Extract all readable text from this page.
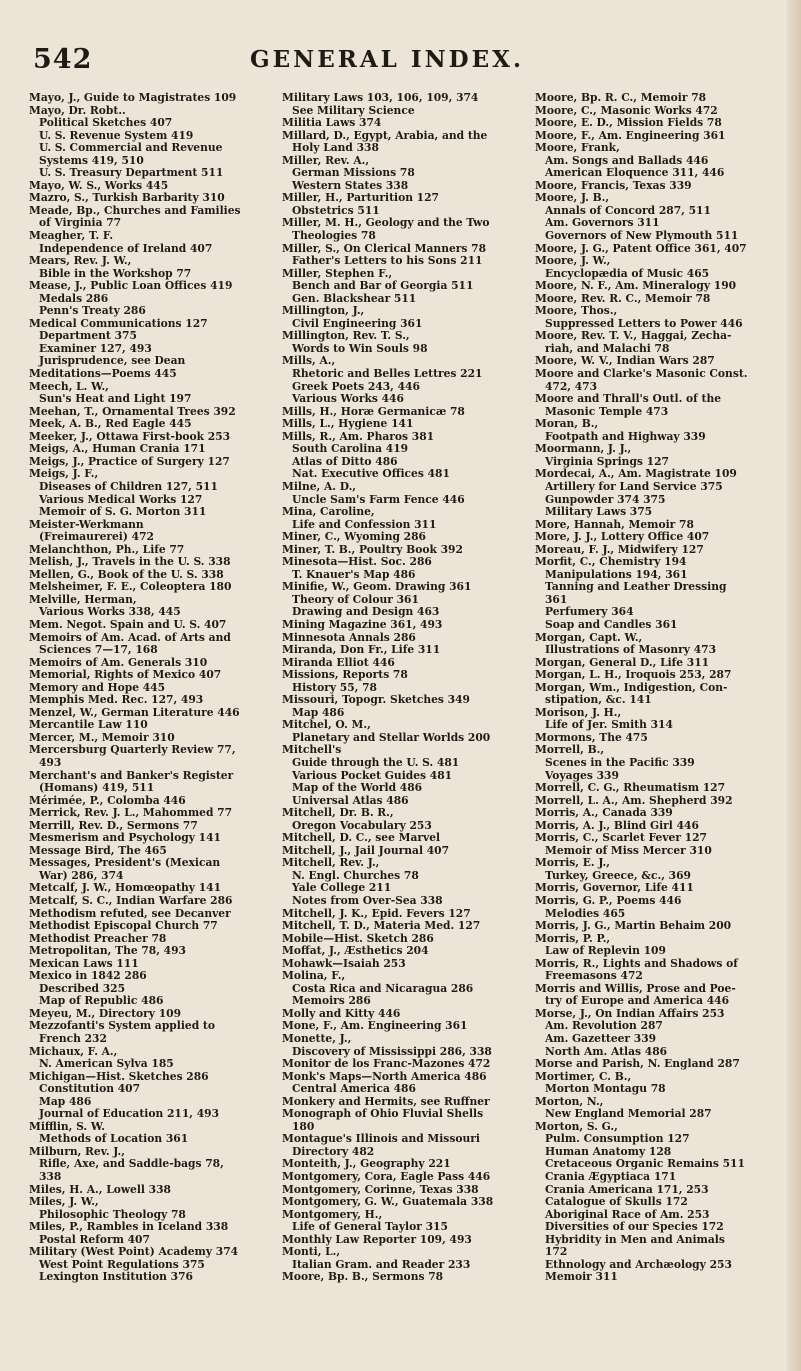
542	GENERAL INDEX.
Mayo, J., Guide to Magistrates 109
Mayo, Dr. Robt..
Political Sketches 407
U. S. Revenue System 419
U. S. Commercial and Revenue
Systems 419, 510
U. S. Treasury Department 511
Mayo, W. S., Works 445
Mazro, S., Turkish Barbarity 310
Meade, Bp., Churches and Families
of Virginia 77
Meagher, T. F.
Independence of Ireland 407
Mears, Rev. J. W.,
Bible in the Workshop 77
Mease, J., Public Loan Offices 419
Medals 286
Penn's Treaty 286
Medical Communications 127
Department 375
Examiner 127, 493
Jurisprudence, see Dean
Meditations—Poems 445
Meech, L. W.,
Sun's Heat and Light 197
Meehan, T., Ornamental Trees 392
Meek, A. B., Red Eagle 445
Meeker, J., Ottawa First-book 253
Meigs, A., Human Crania 171
Meigs, J., Practice of Surgery 127
Meigs, J. F.,
Diseases of Children 127, 511
Various Medical Works 127
Memoir of S. G. Morton 311
Meister-Werkmann
(Freimaurerei) 472
Melanchthon, Ph., Life 77
Melish, J., Travels in the U. S. 338
Mellen, G., Book of the U. S. 338
Melsheimer, F. E., Coleoptera 180
Melville, Herman,
Various Works 338, 445
Mem. Negot. Spain and U. S. 407
Memoirs of Am. Acad. of Arts and
Sciences 7—17, 168
Memoirs of Am. Generals 310
Memorial, Rights of Mexico 407
Memory and Hope 445
Memphis Med. Rec. 127, 493
Menzel, W., German Literature 446
Mercantile Law 110
Mercer, M., Memoir 310
Mercersburg Quarterly Review 77,
493
Merchant's and Banker's Register
(Homans) 419, 511
Mérimée, P., Colomba 446
Merrick, Rev. J. L., Mahommed 77
Merrill, Rev. D., Sermons 77
Mesmerism and Psychology 141
Message Bird, The 465
Messages, President's (Mexican
War) 286, 374
Metcalf, J. W., Homœopathy 141
Metcalf, S. C., Indian Warfare 286
Methodism refuted, see Decanver
Methodist Episcopal Church 77
Methodist Preacher 78
Metropolitan, The 78, 493
Mexican Laws 111
Mexico in 1842 286
Described 325
Map of Republic 486
Meyeu, M., Directory 109
Mezzofanti's System applied to
French 232
Michaux, F. A.,
N. American Sylva 185
Michigan—Hist. Sketches 286
Constitution 407
Map 486
Journal of Education 211, 493
Mifflin, S. W.
Methods of Location 361
Milburn, Rev. J.,
Rifle, Axe, and Saddle-bags 78,
338
Miles, H. A., Lowell 338
Miles, J. W.,
Philosophic Theology 78
Miles, P., Rambles in Iceland 338
Postal Reform 407
Military (West Point) Academy 374
West Point Regulations 375
Lexington Institution 376
Military Laws 103, 106, 109, 374
See Military Science
Militia Laws 374
Millard, D., Egypt, Arabia, and the
Holy Land 338
Miller, Rev. A.,
German Missions 78
Western States 338
Miller, H., Parturition 127
Obstetrics 511
Miller, M. H., Geology and the Two
Theologies 78
Miller, S., On Clerical Manners 78
Father's Letters to his Sons 211
Miller, Stephen F.,
Bench and Bar of Georgia 511
Gen. Blackshear 511
Millington, J.,
Civil Engineering 361
Millington, Rev. T. S.,
Words to Win Souls 98
Mills, A.,
Rhetoric and Belles Lettres 221
Greek Poets 243, 446
Various Works 446
Mills, H., Horæ Germanicæ 78
Mills, L., Hygiene 141
Mills, R., Am. Pharos 381
South Carolina 419
Atlas of Ditto 486
Nat. Executive Offices 481
Milne, A. D.,
Uncle Sam's Farm Fence 446
Mina, Caroline,
Life and Confession 311
Miner, C., Wyoming 286
Miner, T. B., Poultry Book 392
Minesota—Hist. Soc. 286
T. Knauer's Map 486
Minifie, W., Geom. Drawing 361
Theory of Colour 361
Drawing and Design 463
Mining Magazine 361, 493
Minnesota Annals 286
Miranda, Don Fr., Life 311
Miranda Elliot 446
Missions, Reports 78
History 55, 78
Missouri, Topogr. Sketches 349
Map 486
Mitchel, O. M.,
Planetary and Stellar Worlds 200
Mitchell's
Guide through the U. S. 481
Various Pocket Guides 481
Map of the World 486
Universal Atlas 486
Mitchell, Dr. B. R.,
Oregon Vocabulary 253
Mitchell, D. C., see Marvel
Mitchell, J., Jail Journal 407
Mitchell, Rev. J.,
N. Engl. Churches 78
Yale College 211
Notes from Over-Sea 338
Mitchell, J. K., Epid. Fevers 127
Mitchell, T. D., Materia Med. 127
Mobile—Hist. Sketch 286
Moffat, J., Æsthetics 204
Mohawk—Isaiah 253
Molina, F.,
Costa Rica and Nicaragua 286
Memoirs 286
Molly and Kitty 446
Mone, F., Am. Engineering 361
Monette, J.,
Discovery of Mississippi 286, 338
Monitor de los Franc-Mazones 472
Monk's Maps—North America 486
Central America 486
Monkery and Hermits, see Ruffner
Monograph of Ohio Fluvial Shells
180
Montague's Illinois and Missouri
Directory 482
Monteith, J., Geography 221
Montgomery, Cora, Eagle Pass 446
Montgomery, Corinne, Texas 338
Montgomery, G. W., Guatemala 338
Montgomery, H.,
Life of General Taylor 315
Monthly Law Reporter 109, 493
Monti, L.,
Italian Gram. and Reader 233
Moore, Bp. B., Sermons 78
Moore, Bp. R. C., Memoir 78
Moore, C., Masonic Works 472
Moore, E. D., Mission Fields 78
Moore, F., Am. Engineering 361
Moore, Frank,
Am. Songs and Ballads 446
American Eloquence 311, 446
Moore, Francis, Texas 339
Moore, J. B.,
Annals of Concord 287, 511
Am. Governors 311
Governors of New Plymouth 511
Moore, J. G., Patent Office 361, 407
Moore, J. W.,
Encyclopædia of Music 465
Moore, N. F., Am. Mineralogy 190
Moore, Rev. R. C., Memoir 78
Moore, Thos.,
Suppressed Letters to Power 446
Moore, Rev. T. V., Haggai, Zecha-
riah, and Malachi 78
Moore, W. V., Indian Wars 287
Moore and Clarke's Masonic Const.
472, 473
Moore and Thrall's Outl. of the
Masonic Temple 473
Moran, B.,
Footpath and Highway 339
Moormann, J. J.,
Virginia Springs 127
Mordecai, A., Am. Magistrate 109
Artillery for Land Service 375
Gunpowder 374 375
Military Laws 375
More, Hannah, Memoir 78
More, J. J., Lottery Office 407
Moreau, F. J., Midwifery 127
Morfit, C., Chemistry 194
Manipulations 194, 361
Tanning and Leather Dressing
361
Perfumery 364
Soap and Candles 361
Morgan, Capt. W.,
Illustrations of Masonry 473
Morgan, General D., Life 311
Morgan, L. H., Iroquois 253, 287
Morgan, Wm., Indigestion, Con-
stipation, &c. 141
Morison, J. H.,
Life of Jer. Smith 314
Mormons, The 475
Morrell, B.,
Scenes in the Pacific 339
Voyages 339
Morrell, C. G., Rheumatism 127
Morrell, L. A., Am. Shepherd 392
Morris, A., Canada 339
Morris, A. J., Blind Girl 446
Morris, C., Scarlet Fever 127
Memoir of Miss Mercer 310
Morris, E. J.,
Turkey, Greece, &c., 369
Morris, Governor, Life 411
Morris, G. P., Poems 446
Melodies 465
Morris, J. G., Martin Behaim 200
Morris, P. P.,
Law of Replevin 109
Morris, R., Lights and Shadows of
Freemasons 472
Morris and Willis, Prose and Poe-
try of Europe and America 446
Morse, J., On Indian Affairs 253
Am. Revolution 287
Am. Gazetteer 339
North Am. Atlas 486
Morse and Parish, N. England 287
Mortimer, C. B.,
Morton Montagu 78
Morton, N.,
New England Memorial 287
Morton, S. G.,
Pulm. Consumption 127
Human Anatomy 128
Cretaceous Organic Remains 511
Crania Ægyptiaca 171
Crania Americana 171, 253
Catalogue of Skulls 172
Aboriginal Race of Am. 253
Diversities of our Species 172
Hybridity in Men and Animals
172
Ethnology and Archæology 253
Memoir 311
